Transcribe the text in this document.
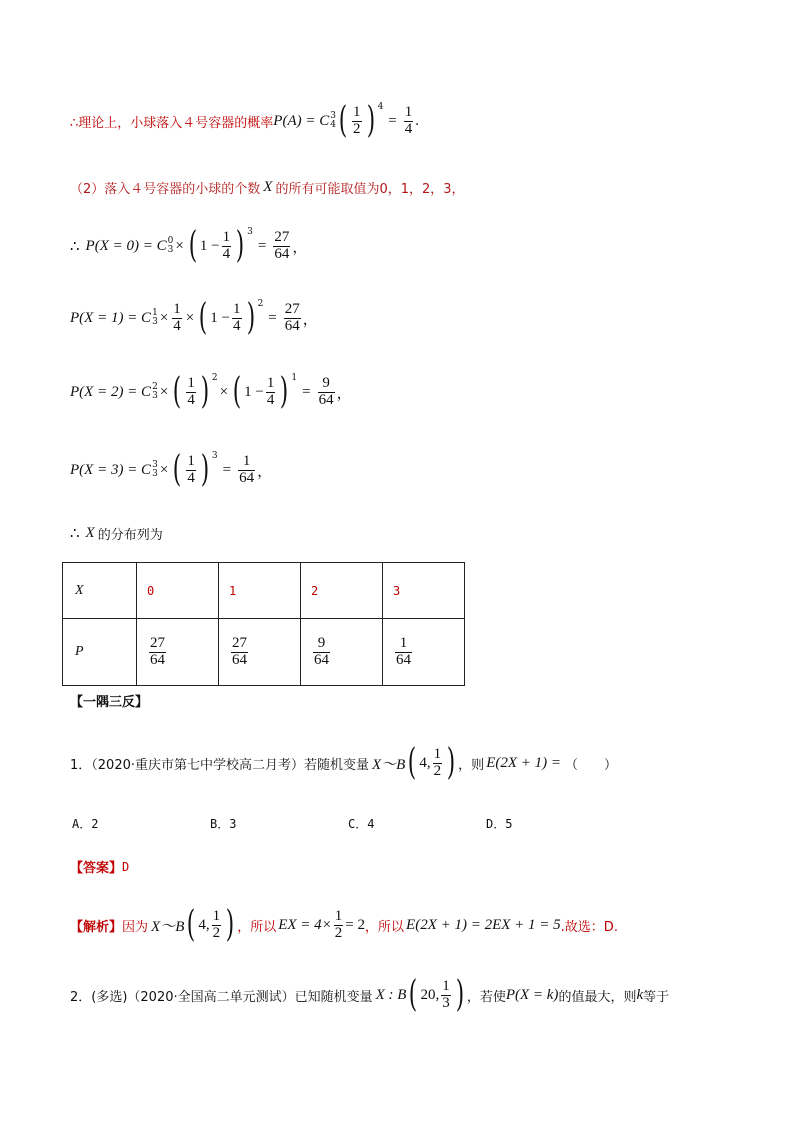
∴理论上，小球落入４号容器的概率 P(A) = C 3
4 ( $\frac{1}{2}$ ) 4
= $\frac{1}{4}$ .
（2）落入４号容器的小球的个数 X 的所有可能取值为0，1，2，3，
∴ P(X = 0) = C 0
3 × ( $1 - \frac{1}{4}$ ) 3
= $\frac{27}{64}$ ，
P(X = 1) = C 1
$3 \times \frac{1}{4}$ × ( $1 - \frac{1}{4}$ ) 2
= $\frac{27}{64}$ ，
P(X = 2) = C 2
3 × ( $\frac{1}{4}$ ) 2
× ( $1 - \frac{1}{4}$ ) 1
= $\frac{9}{64}$ ，
P(X = 3) = C 3
3 × ( $\frac{1}{4}$ ) 3
= $\frac{1}{64}$ ，
∴ X 的分布列为
X	0	1	2	3
P	$\frac{27}{64}$	$\frac{27}{64}$	$\frac{9}{64}$	$\frac{1}{64}$
【一隅三反】
1．（2020·重庆市第七中学校高二月考）若随机变量 X～B ( 4, $\frac{1}{2}$ ) ，则 E(2X + 1) = （　　）
A．2	B．3	C．4	D．5
【答案】 D
【解析】 因为 X～B ( 4, $\frac{1}{2}$ ) ，所以 EX = $4\times \frac{1}{2} = 2$ ，所以 E(2X + 1) = 2EX + 1 = 5 .故选：D.
2．(多选)（2020·全国高二单元测试）已知随机变量 X : B ( 20, $\frac{1}{3}$ ) ，若使 P(X = k) 的值最大，则 k 等于
